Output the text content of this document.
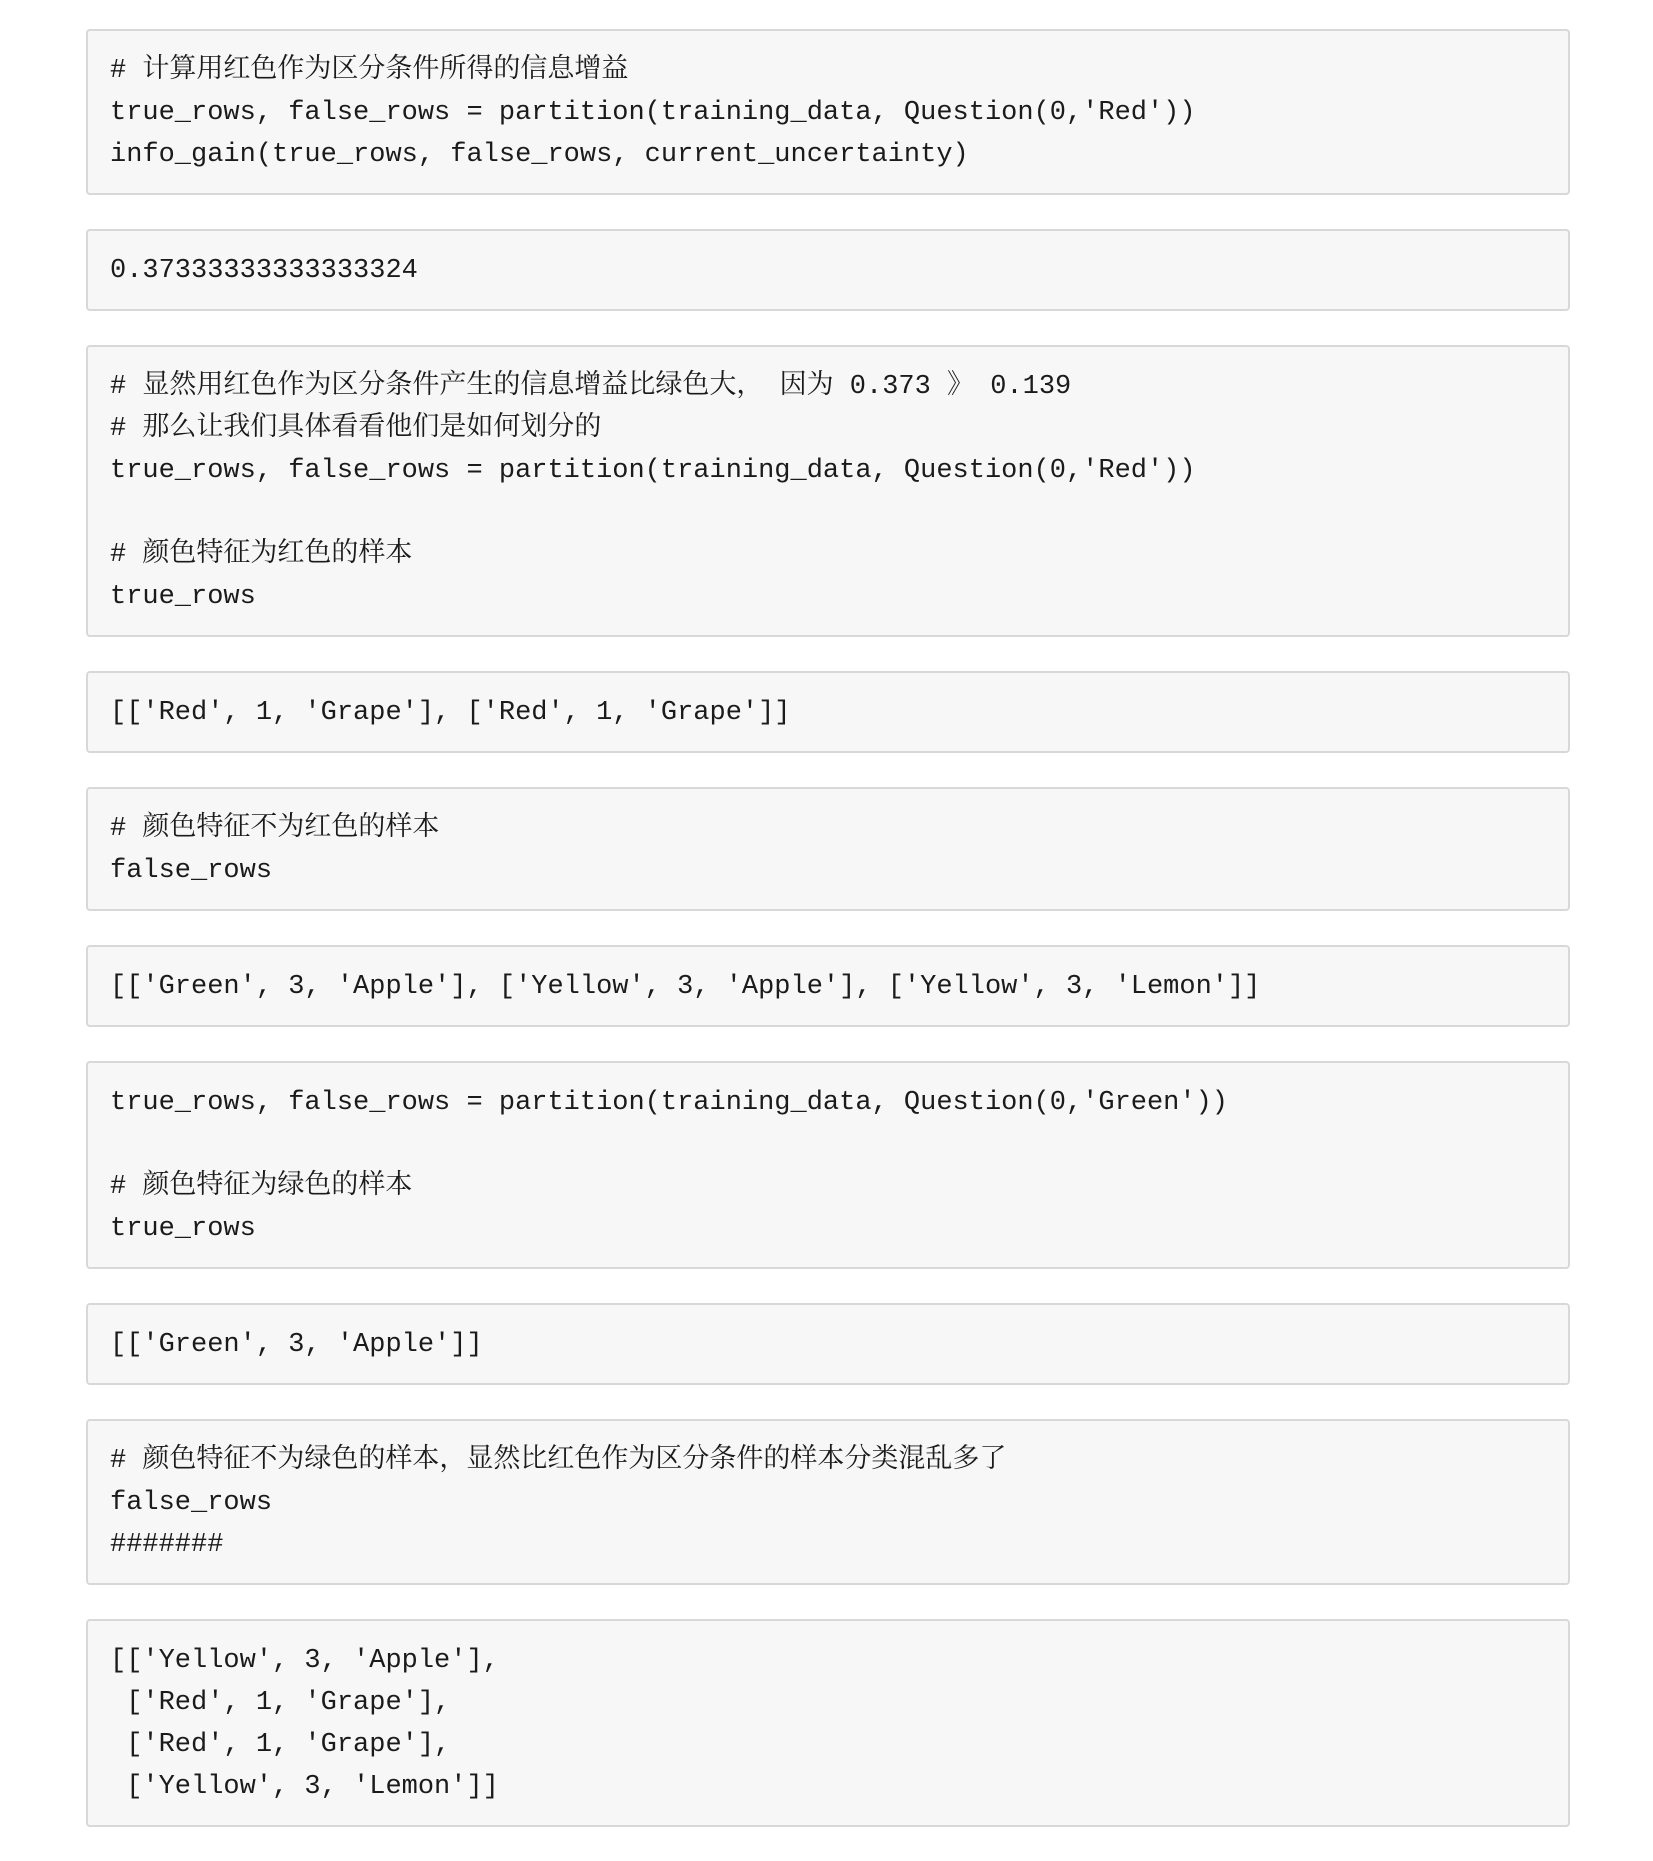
# 计算用红色作为区分条件所得的信息增益
true_rows, false_rows = partition(training_data, Question(0,'Red'))
info_gain(true_rows, false_rows, current_uncertainty)
0.37333333333333324
# 显然用红色作为区分条件产生的信息增益比绿色大， 因为 0.373 》 0.139
# 那么让我们具体看看他们是如何划分的
true_rows, false_rows = partition(training_data, Question(0,'Red'))
# 颜色特征为红色的样本
true_rows
[['Red', 1, 'Grape'], ['Red', 1, 'Grape']]
# 颜色特征不为红色的样本
false_rows
[['Green', 3, 'Apple'], ['Yellow', 3, 'Apple'], ['Yellow', 3, 'Lemon']]
true_rows, false_rows = partition(training_data, Question(0,'Green'))
# 颜色特征为绿色的样本
true_rows
[['Green', 3, 'Apple']]
# 颜色特征不为绿色的样本，显然比红色作为区分条件的样本分类混乱多了
false_rows
#######
[['Yellow', 3, 'Apple'],
['Red', 1, 'Grape'],
['Red', 1, 'Grape'],
['Yellow', 3, 'Lemon']]
